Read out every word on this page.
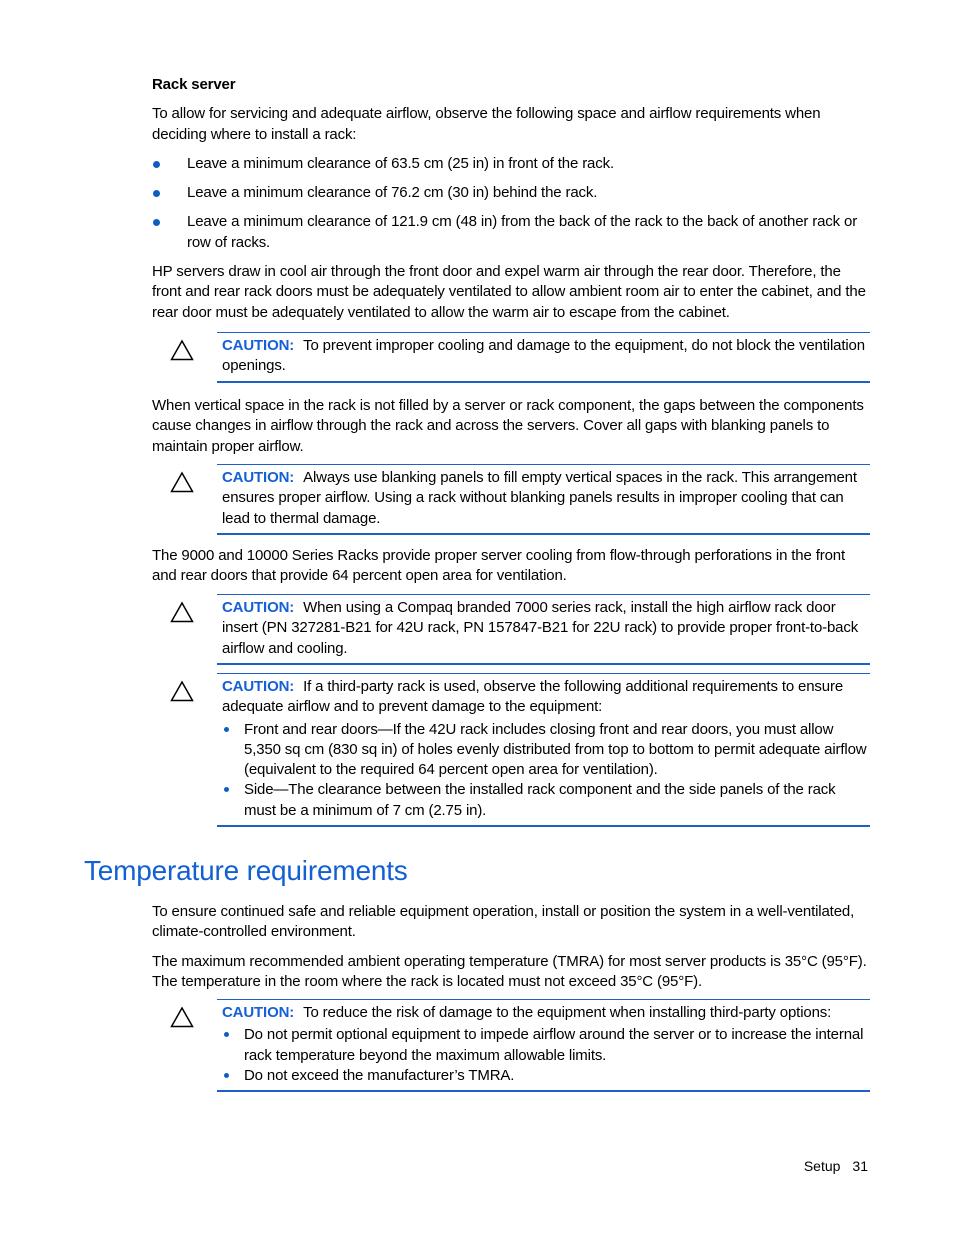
Rack server

To allow for servicing and adequate airflow, observe the following space and airflow requirements when deciding where to install a rack:

Leave a minimum clearance of 63.5 cm (25 in) in front of the rack.
Leave a minimum clearance of 76.2 cm (30 in) behind the rack.
Leave a minimum clearance of 121.9 cm (48 in) from the back of the rack to the back of another rack or row of racks.

HP servers draw in cool air through the front door and expel warm air through the rear door. Therefore, the front and rear rack doors must be adequately ventilated to allow ambient room air to enter the cabinet, and the rear door must be adequately ventilated to allow the warm air to escape from the cabinet.

CAUTION: To prevent improper cooling and damage to the equipment, do not block the ventilation openings.

When vertical space in the rack is not filled by a server or rack component, the gaps between the components cause changes in airflow through the rack and across the servers. Cover all gaps with blanking panels to maintain proper airflow.

CAUTION: Always use blanking panels to fill empty vertical spaces in the rack. This arrangement ensures proper airflow. Using a rack without blanking panels results in improper cooling that can lead to thermal damage.

The 9000 and 10000 Series Racks provide proper server cooling from flow-through perforations in the front and rear doors that provide 64 percent open area for ventilation.

CAUTION: When using a Compaq branded 7000 series rack, install the high airflow rack door insert (PN 327281-B21 for 42U rack, PN 157847-B21 for 22U rack) to provide proper front-to-back airflow and cooling.
CAUTION: If a third-party rack is used, observe the following additional requirements to ensure adequate airflow and to prevent damage to the equipment:
Front and rear doors—If the 42U rack includes closing front and rear doors, you must allow 5,350 sq cm (830 sq in) of holes evenly distributed from top to bottom to permit adequate airflow (equivalent to the required 64 percent open area for ventilation).
Side—The clearance between the installed rack component and the side panels of the rack must be a minimum of 7 cm (2.75 in).
Temperature requirements

To ensure continued safe and reliable equipment operation, install or position the system in a well-ventilated, climate-controlled environment.

The maximum recommended ambient operating temperature (TMRA) for most server products is 35°C (95°F). The temperature in the room where the rack is located must not exceed 35°C (95°F).

CAUTION: To reduce the risk of damage to the equipment when installing third-party options:
Do not permit optional equipment to impede airflow around the server or to increase the internal rack temperature beyond the maximum allowable limits.
Do not exceed the manufacturer’s TMRA.
Setup 31
